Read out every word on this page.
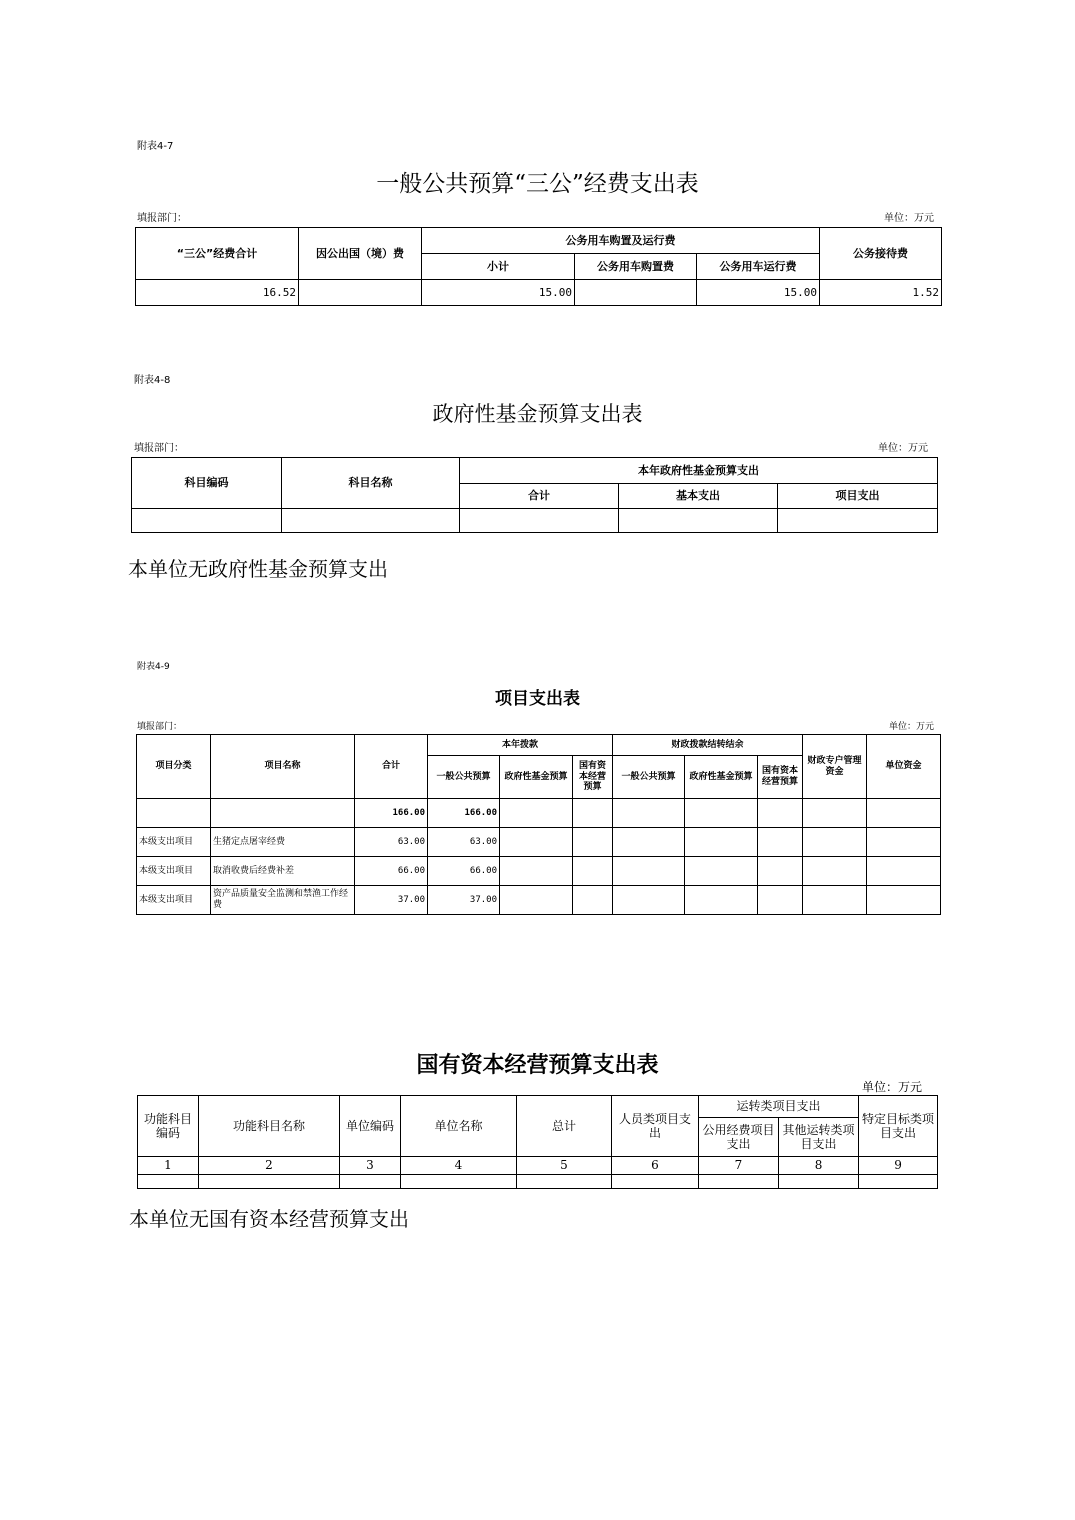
附表4-7
一般公共预算“三公”经费支出表
填报部门：	单位：万元
“三公”经费合计	因公出国（境）费	公务用车购置及运行费			公务接待费
		小计	公务用车购置费	公务用车运行费	
16.52		15.00		15.00	1.52
附表4-8
政府性基金预算支出表
填报部门：	单位：万元
科目编码	科目名称	本年政府性基金预算支出		
		合计	基本支出	项目支出

本单位无政府性基金预算支出
附表4-9
项目支出表
填报部门：	单位：万元
项目分类	项目名称	合计	本年拨款			财政拨款结转结余			财政专户管理资金	单位资金
			一般公共预算	政府性基金预算	国有资本经营预算	一般公共预算	政府性基金预算	国有资本经营预算		
		166.00	166.00							
本级支出项目	生猪定点屠宰经费	63.00	63.00							
本级支出项目	取消收费后经费补差	66.00	66.00							
本级支出项目	资产品质量安全监测和禁渔工作经费	37.00	37.00							
国有资本经营预算支出表
单位：万元
功能科目编码	功能科目名称	单位编码	单位名称	总计	人员类项目支出	运转类项目支出		特定目标类项目支出
						公用经费项目支出	其他运转类项目支出	
1	2	3	4	5	6	7	8	9

本单位无国有资本经营预算支出
